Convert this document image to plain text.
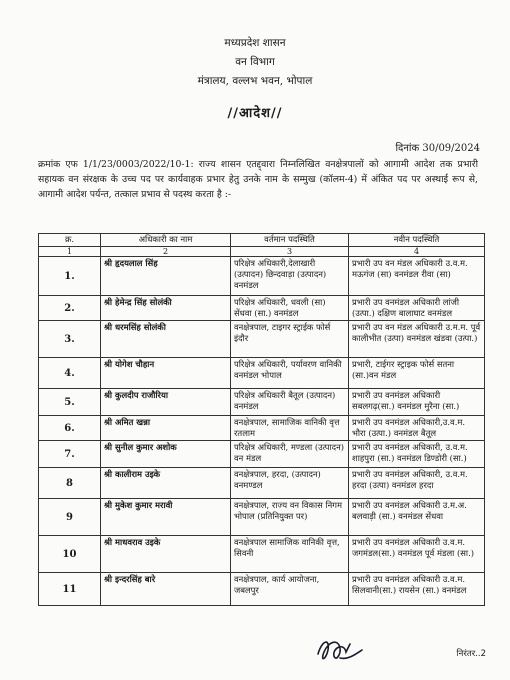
मध्यप्रदेश शासन
वन विभाग
मंत्रालय, वल्लभ भवन, भोपाल
//आदेश//
दिनांक 30/09/2024
क्रमांक एफ 1/1/23/0003/2022/10-1: राज्य शासन एतद्द्वारा निम्नलिखित वनक्षेत्रपालों को आगामी आदेश तक प्रभारी सहायक वन संरक्षक के उच्च पद पर कार्यवाहक प्रभार हेतु उनके नाम के सम्मुख (कॉलम-4) में अंकित पद पर अस्थाई रूप से, आगामी आदेश पर्यन्त, तत्काल प्रभाव से पदस्थ करता है :-
क्र.	अधिकारी का नाम	वर्तमान पदस्थिति	नवीन पदस्थिति
1	2	3	4
1.	श्री हृदयलाल सिंह	परिक्षेत्र अधिकारी,देलाखारी (उत्पादन) छिन्दवाड़ा (उत्पादन) वनमंडल	प्रभारी उप वन मंडल अधिकारी उ.व.म. मऊगंज (सा) वनमंडल रीवा (सा)
2.	श्री हेमेन्द्र सिंह सोलंकी	परिक्षेत्र अधिकारी, धवली (सा) सेंधवा (सा.) वनमंडल	प्रभारी उप वनमंडल अधिकारी लांजी (उत्पा.) दक्षिण बालाघाट वनमंडल
3.	श्री धरमसिंह सोलंकी	वनक्षेत्रपाल, टाइगर स्ट्राईक फोर्स इंदौर	प्रभारी उप वन मंडल अधिकारी उ.म.म. पूर्व कालीभीत (उत्पा) वनमंडल खंडवा (उत्पा.)
4.	श्री योगेश चौहान	परिक्षेत्र अधिकारी, पर्यावरण वानिकी वनमंडल भोपाल	प्रभारी, टाईगर स्ट्राइक फोर्स सतना (सा.)वन मंडल
5.	श्री कुलदीप राजौरिया	परिक्षेत्र अधिकारी बैतूल (उत्पादन) वनमंडल	प्रभारी उप वनमंडल अधिकारी सबलगढ़(सा.) वनमंडल मुरैना (सा.)
6.	श्री अमित खन्ना	वनक्षेत्रपाल, सामाजिक वानिकी वृत्त रतलाम	प्रभारी उप वनमंडल अधिकारी,उ.व.म. भौरा (उत्पा.) वनमंडल बैतूल
7.	श्री सुनील कुमार अशोक	परिक्षेत्र अधिकारी, मण्डला (उत्पादन) वन मंडल	प्रभारी उप वनमंडल अधिकारी, उ.व.म. शाहपुरा (सा.) वनमंडल डिण्डोरी (सा.)
8	श्री कालीराम उइके	वनक्षेत्रपाल, हरदा, (उत्पादन) वनमण्डल	प्रभारी उप वनमंडल अधिकारी, उ.व.म. हरदा (उत्पा) वनमंडल हरदा
9	श्री मुकेश कुमार मरावी	वनक्षेत्रपाल, राज्य वन विकास निगम भोपाल (प्रतिनियुक्त पर)	प्रभारी उप वनमंडल अधिकारी उ.म.अ. बलवाड़ी (सा.) वनमंडल सेंधवा
10	श्री माधवराव उइके	वनक्षेत्रपाल सामाजिक वानिकी वृत्त, सिवनी	प्रभारी उप वनमंडल अधिकारी उ.व.म. जगमंडल(सा.) वनमंडल पूर्व मंडला (सा.)
11	श्री इन्दरसिंह बारे	वनक्षेत्रपाल, कार्य आयोजना, जबलपुर	प्रभारी उप वनमंडल अधिकारी उ.व.म. सिलवानी(सा.) रायसेन (सा.) वनमंडल
निरंतर..2
